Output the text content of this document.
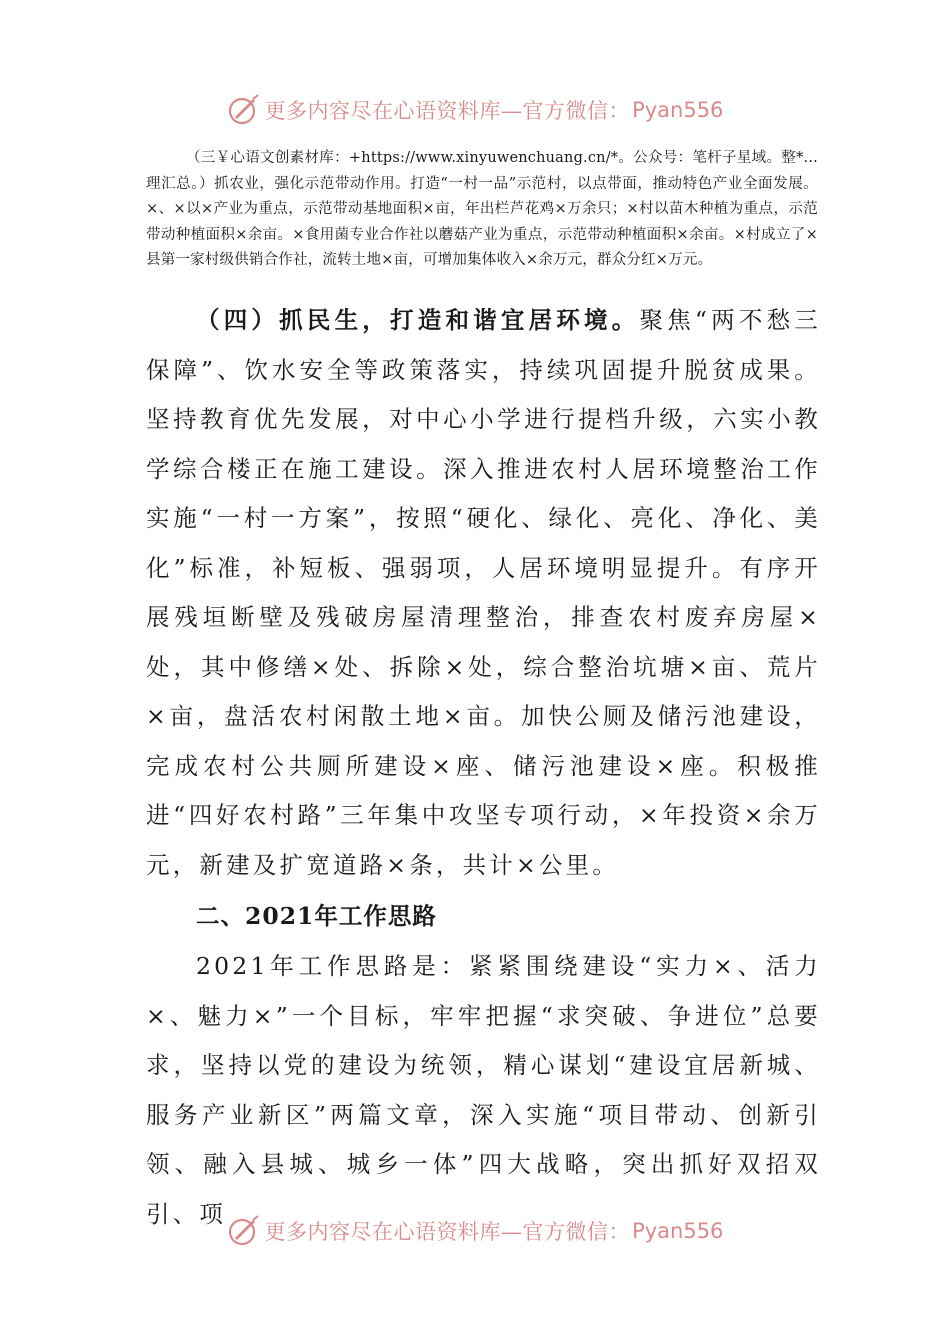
更多内容尽在心语资料库—官方微信： Pyan556

（三￥心语文创素材库：+https://www.xinyuwenchuang.cn/*。公众号：笔杆子星域。整*...理汇总。）抓农业，强化示范带动作用。打造“一村一品”示范村，以点带面，推动特色产业全面发展。×、×以×产业为重点，示范带动基地面积×亩，年出栏芦花鸡×万余只；×村以苗木种植为重点，示范带动种植面积×余亩。×食用菌专业合作社以蘑菇产业为重点，示范带动种植面积×余亩。×村成立了×县第一家村级供销合作社，流转土地×亩，可增加集体收入×余万元，群众分红×万元。

（四）抓民生，打造和谐宜居环境。聚焦“两不愁三保障”、饮水安全等政策落实，持续巩固提升脱贫成果。坚持教育优先发展，对中心小学进行提档升级，六实小教学综合楼正在施工建设。深入推进农村人居环境整治工作实施“一村一方案”，按照“硬化、绿化、亮化、净化、美化”标准，补短板、强弱项，人居环境明显提升。有序开展残垣断壁及残破房屋清理整治，排查农村废弃房屋×处，其中修缮×处、拆除×处，综合整治坑塘×亩、荒片×亩，盘活农村闲散土地×亩。加快公厕及储污池建设，完成农村公共厕所建设×座、储污池建设×座。积极推进“四好农村路”三年集中攻坚专项行动，×年投资×余万元，新建及扩宽道路×条，共计×公里。

二、2021年工作思路

2021年工作思路是：紧紧围绕建设“实力×、活力×、魅力×”一个目标，牢牢把握“求突破、争进位”总要求，坚持以党的建设为统领，精心谋划“建设宜居新城、服务产业新区”两篇文章，深入实施“项目带动、创新引领、融入县城、城乡一体”四大战略，突出抓好双招双引、项

更多内容尽在心语资料库—官方微信： Pyan556
